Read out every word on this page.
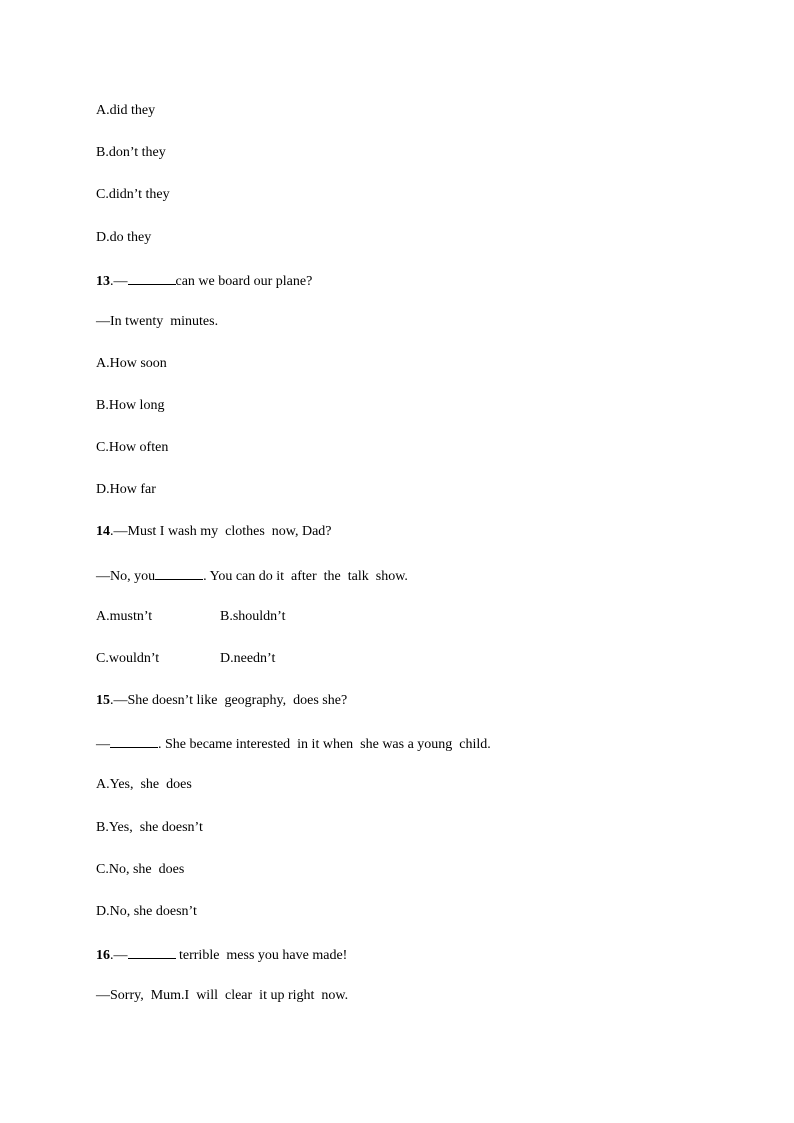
A.did they
B.don’t they
C.didn’t they
D.do they
13.—	can we board our plane?
—In twenty  minutes.
A.How soon
B.How long
C.How often
D.How far
14.—Must I wash my  clothes  now, Dad?
—No, you	. You can do it  after  the  talk  show.
A.mustn’t	B.shouldn’t
C.wouldn’t	D.needn’t
15.—She doesn’t like  geography,  does she?
—	. She became interested  in it when  she was a young  child.
A.Yes,  she  does
B.Yes,  she doesn’t
C.No, she  does
D.No, she doesn’t
16.—	terrible  mess you have made!
—Sorry,  Mum.I  will  clear  it up right  now.
